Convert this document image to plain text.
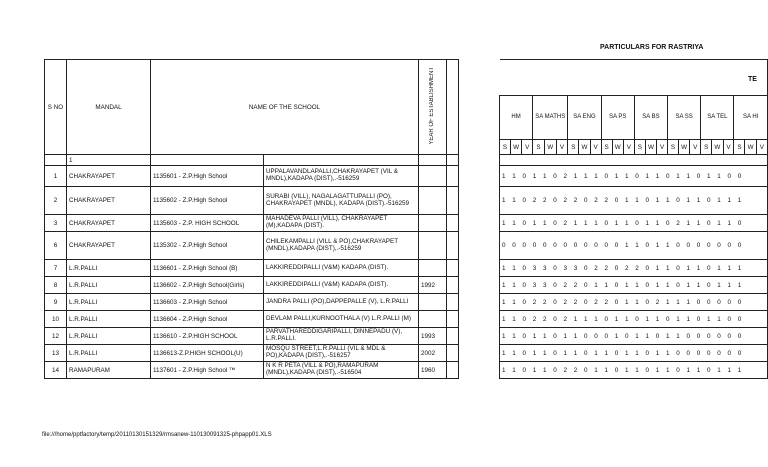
PARTICULARS FOR RASTRIYA
TE
S NO	MANDAL	NAME OF THE SCHOOL		YEAR OF ESTABLISHMENT	

	1				
1	CHAKRAYAPET	1135601 - Z.P.High School	UPPALAVANDLAPALLI,CHAKRAYAPET (VIL & MNDL),KADAPA (DIST),.-516259		
2	CHAKRAYAPET	1135602 - Z.P.High School	SURABI (VILL), NAGALAGATTUPALLI (PO), CHAKRAYAPET (MNDL), KADAPA (DIST).-516259		
3	CHAKRAYAPET	1135603 - Z.P. HIGH SCHOOL	MAHADEVA PALLI (VILL), CHAKRAYAPET (M),KADAPA (DIST).		
6	CHAKRAYAPET	1135302 - Z.P.High School	CHILEKAMPALLI (VILL & PO),CHAKRAYAPET (MNDL),KADAPA (DIST),.-516259		
7	L.R.PALLI	1136601 - Z.P.High School (B)	LAKKIREDDIPALLI (V&M) KADAPA (DIST).		
8	L.R.PALLI	1136602 - Z.P.High School(Girls)	LAKKIREDDIPALLI (V&M) KADAPA (DIST).	1992	
9	L.R.PALLI	1136603 - Z.P.High School	JANDRA PALLI (PO),DAPPEPALLE (V), L.R.PALLI		
10	L.R.PALLI	1136604 - Z.P.High School	DEVLAM PALLI,KURNOOTHALA (V) L.R.PALLI (M)		
12	L.R.PALLI	1136610 - Z.P.HIGH SCHOOL	PARVATHAREDDIGARIPALLI, DINNEPADU (V), L.R.PALLI.	1993	
13	L.R.PALLI	1136613-Z.P.HIGH SCHOOL(U)	MOSQU STREET,L.R.PALLI (VIL & MDL & PO),KADAPA (DIST),.-516257	2002	
14	RAMAPURAM	1137601 - Z.P.High School ™	N K R PETA (VILL & PO),RAMAPURAM (MNDL),KADAPA (DIST),.-516504	1960	

HM			SA MATHS			SA ENG			SA PS			SA BS			SA SS			SA TEL			SA HI		
S	W	V	S	W	V	S	W	V	S	W	V	S	W	V	S	W	V	S	W	V	S	W	V

1 1 0 1 1 0 2 1 1 1 0 1 1 0 1 1 0 1 1 0 1 1 0 0																							
1 1 0 2 2 0 2 2 0 2 2 0 1 1 0 1 1 0 1 1 0 1 1 1																							
1 1 0 1 1 0 2 1 1 1 0 1 1 0 1 1 0 2 1 1 0 1 1 0																							
0 0 0 0 0 0 0 0 0 0 0 0 1 1 0 1 1 0 0 0 0 0 0 0																							
1 1 0 3 3 0 3 3 0 2 2 0 2 2 0 1 1 0 1 1 0 1 1 1																							
1 1 0 3 3 0 2 2 0 1 1 0 1 1 0 1 1 0 1 1 0 1 1 1																							
1 1 0 2 2 0 2 2 0 2 2 0 1 1 0 2 1 1 1 0 0 0 0 0																							
1 1 0 2 2 0 2 1 1 1 0 1 1 0 1 1 0 1 1 0 1 1 0 0																							
1 1 0 1 1 0 1 1 0 0 0 1 0 1 1 0 1 1 0 0 0 0 0 0																							
1 1 0 1 1 0 1 1 0 1 1 0 1 1 0 1 1 0 0 0 0 0 0 0																							
1 1 0 1 1 0 2 2 0 1 1 0 1 1 0 1 1 0 1 1 0 1 1 1																							
file:///home/pptfactory/temp/20110130151329/rmsanew-110130091325-phpapp01.XLS
